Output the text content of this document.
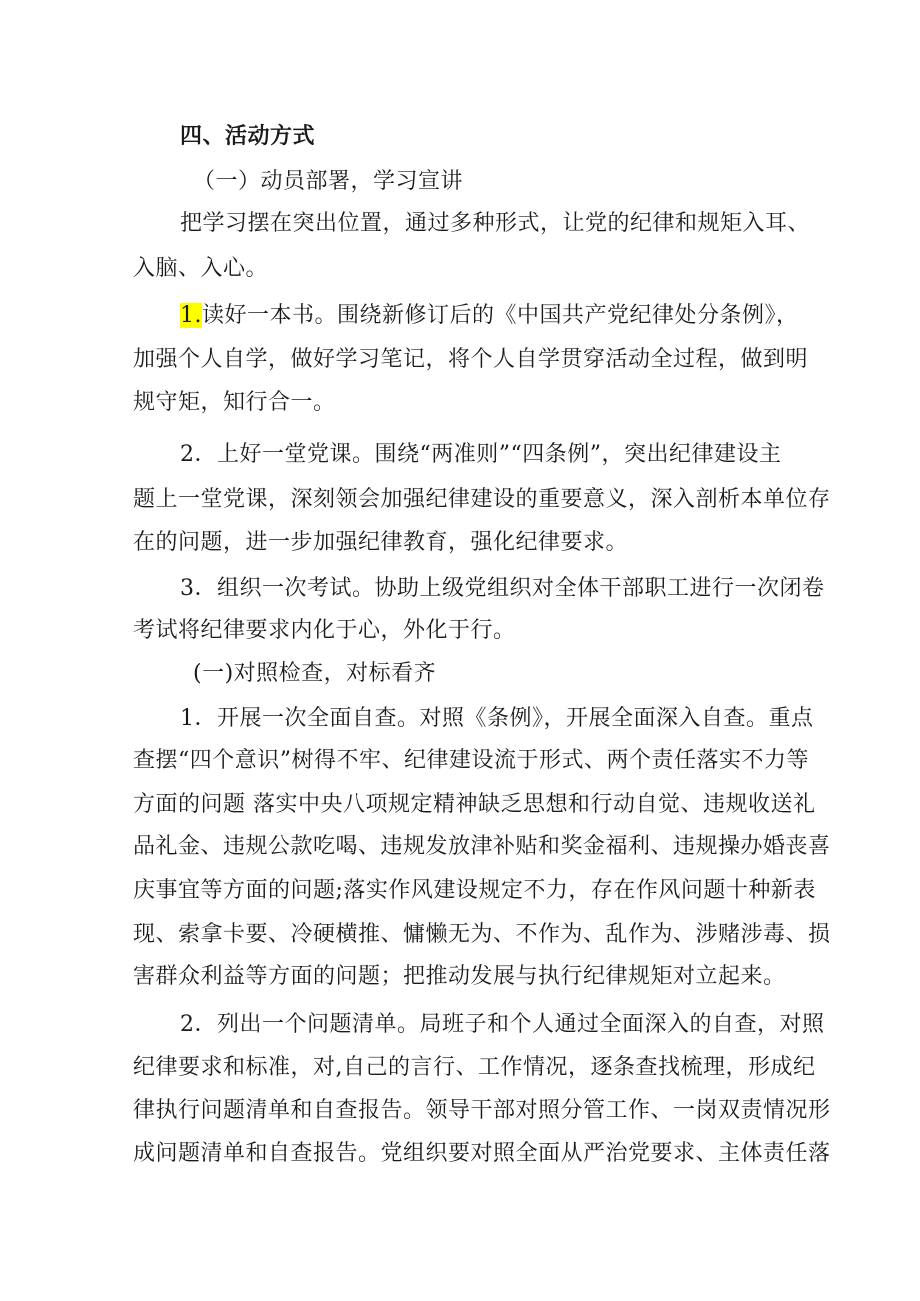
四、活动方式
（一）动员部署，学习宣讲
把学习摆在突出位置，通过多种形式，让党的纪律和规矩入耳、
入脑、入心。
1.读好一本书。围绕新修订后的《中国共产党纪律处分条例》，
加强个人自学，做好学习笔记，将个人自学贯穿活动全过程，做到明
规守矩，知行合一。
2．上好一堂党课。围绕“两准则”“四条例”，突出纪律建设主
题上一堂党课，深刻领会加强纪律建设的重要意义，深入剖析本单位存
在的问题，进一步加强纪律教育，强化纪律要求。
3．组织一次考试。协助上级党组织对全体干部职工进行一次闭卷
考试将纪律要求内化于心，外化于行。
(一)对照检查，对标看齐
1．开展一次全面自查。对照《条例》，开展全面深入自查。重点
查摆“四个意识”树得不牢、纪律建设流于形式、两个责任落实不力等
方面的问题 落实中央八项规定精神缺乏思想和行动自觉、违规收送礼
品礼金、违规公款吃喝、违规发放津补贴和奖金福利、违规操办婚丧喜
庆事宜等方面的问题;落实作风建设规定不力，存在作风问题十种新表
现、索拿卡要、冷硬横推、慵懒无为、不作为、乱作为、涉赌涉毒、损
害群众利益等方面的问题；把推动发展与执行纪律规矩对立起来。
2．列出一个问题清单。局班子和个人通过全面深入的自查，对照
纪律要求和标准，对,自己的言行、工作情况，逐条查找梳理，形成纪
律执行问题清单和自查报告。领导干部对照分管工作、一岗双责情况形
成问题清单和自查报告。党组织要对照全面从严治党要求、主体责任落
